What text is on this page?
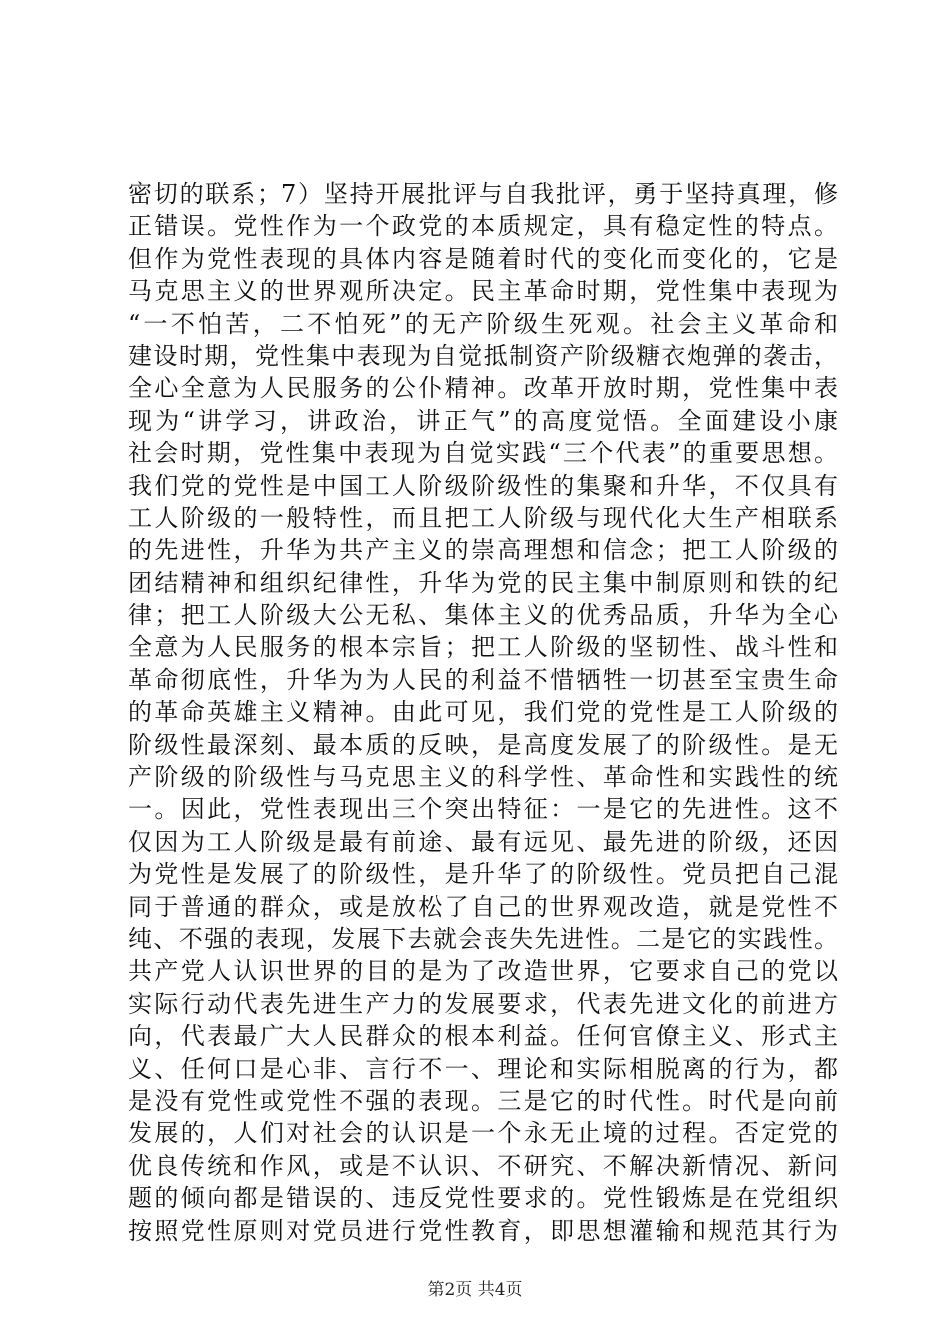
密切的联系；7）坚持开展批评与自我批评，勇于坚持真理，修
正错误。党性作为一个政党的本质规定，具有稳定性的特点。
但作为党性表现的具体内容是随着时代的变化而变化的，它是
马克思主义的世界观所决定。民主革命时期，党性集中表现为
“一不怕苦，二不怕死”的无产阶级生死观。社会主义革命和
建设时期，党性集中表现为自觉抵制资产阶级糖衣炮弹的袭击，
全心全意为人民服务的公仆精神。改革开放时期，党性集中表
现为“讲学习，讲政治，讲正气”的高度觉悟。全面建设小康
社会时期，党性集中表现为自觉实践“三个代表”的重要思想。
我们党的党性是中国工人阶级阶级性的集聚和升华，不仅具有
工人阶级的一般特性，而且把工人阶级与现代化大生产相联系
的先进性，升华为共产主义的崇高理想和信念；把工人阶级的
团结精神和组织纪律性，升华为党的民主集中制原则和铁的纪
律；把工人阶级大公无私、集体主义的优秀品质，升华为全心
全意为人民服务的根本宗旨；把工人阶级的坚韧性、战斗性和
革命彻底性，升华为为人民的利益不惜牺牲一切甚至宝贵生命
的革命英雄主义精神。由此可见，我们党的党性是工人阶级的
阶级性最深刻、最本质的反映，是高度发展了的阶级性。是无
产阶级的阶级性与马克思主义的科学性、革命性和实践性的统
一。因此，党性表现出三个突出特征：一是它的先进性。这不
仅因为工人阶级是最有前途、最有远见、最先进的阶级，还因
为党性是发展了的阶级性，是升华了的阶级性。党员把自己混
同于普通的群众，或是放松了自己的世界观改造，就是党性不
纯、不强的表现，发展下去就会丧失先进性。二是它的实践性。
共产党人认识世界的目的是为了改造世界，它要求自己的党以
实际行动代表先进生产力的发展要求，代表先进文化的前进方
向，代表最广大人民群众的根本利益。任何官僚主义、形式主
义、任何口是心非、言行不一、理论和实际相脱离的行为，都
是没有党性或党性不强的表现。三是它的时代性。时代是向前
发展的，人们对社会的认识是一个永无止境的过程。否定党的
优良传统和作风，或是不认识、不研究、不解决新情况、新问
题的倾向都是错误的、违反党性要求的。党性锻炼是在党组织
按照党性原则对党员进行党性教育，即思想灌输和规范其行为
第2页 共4页
